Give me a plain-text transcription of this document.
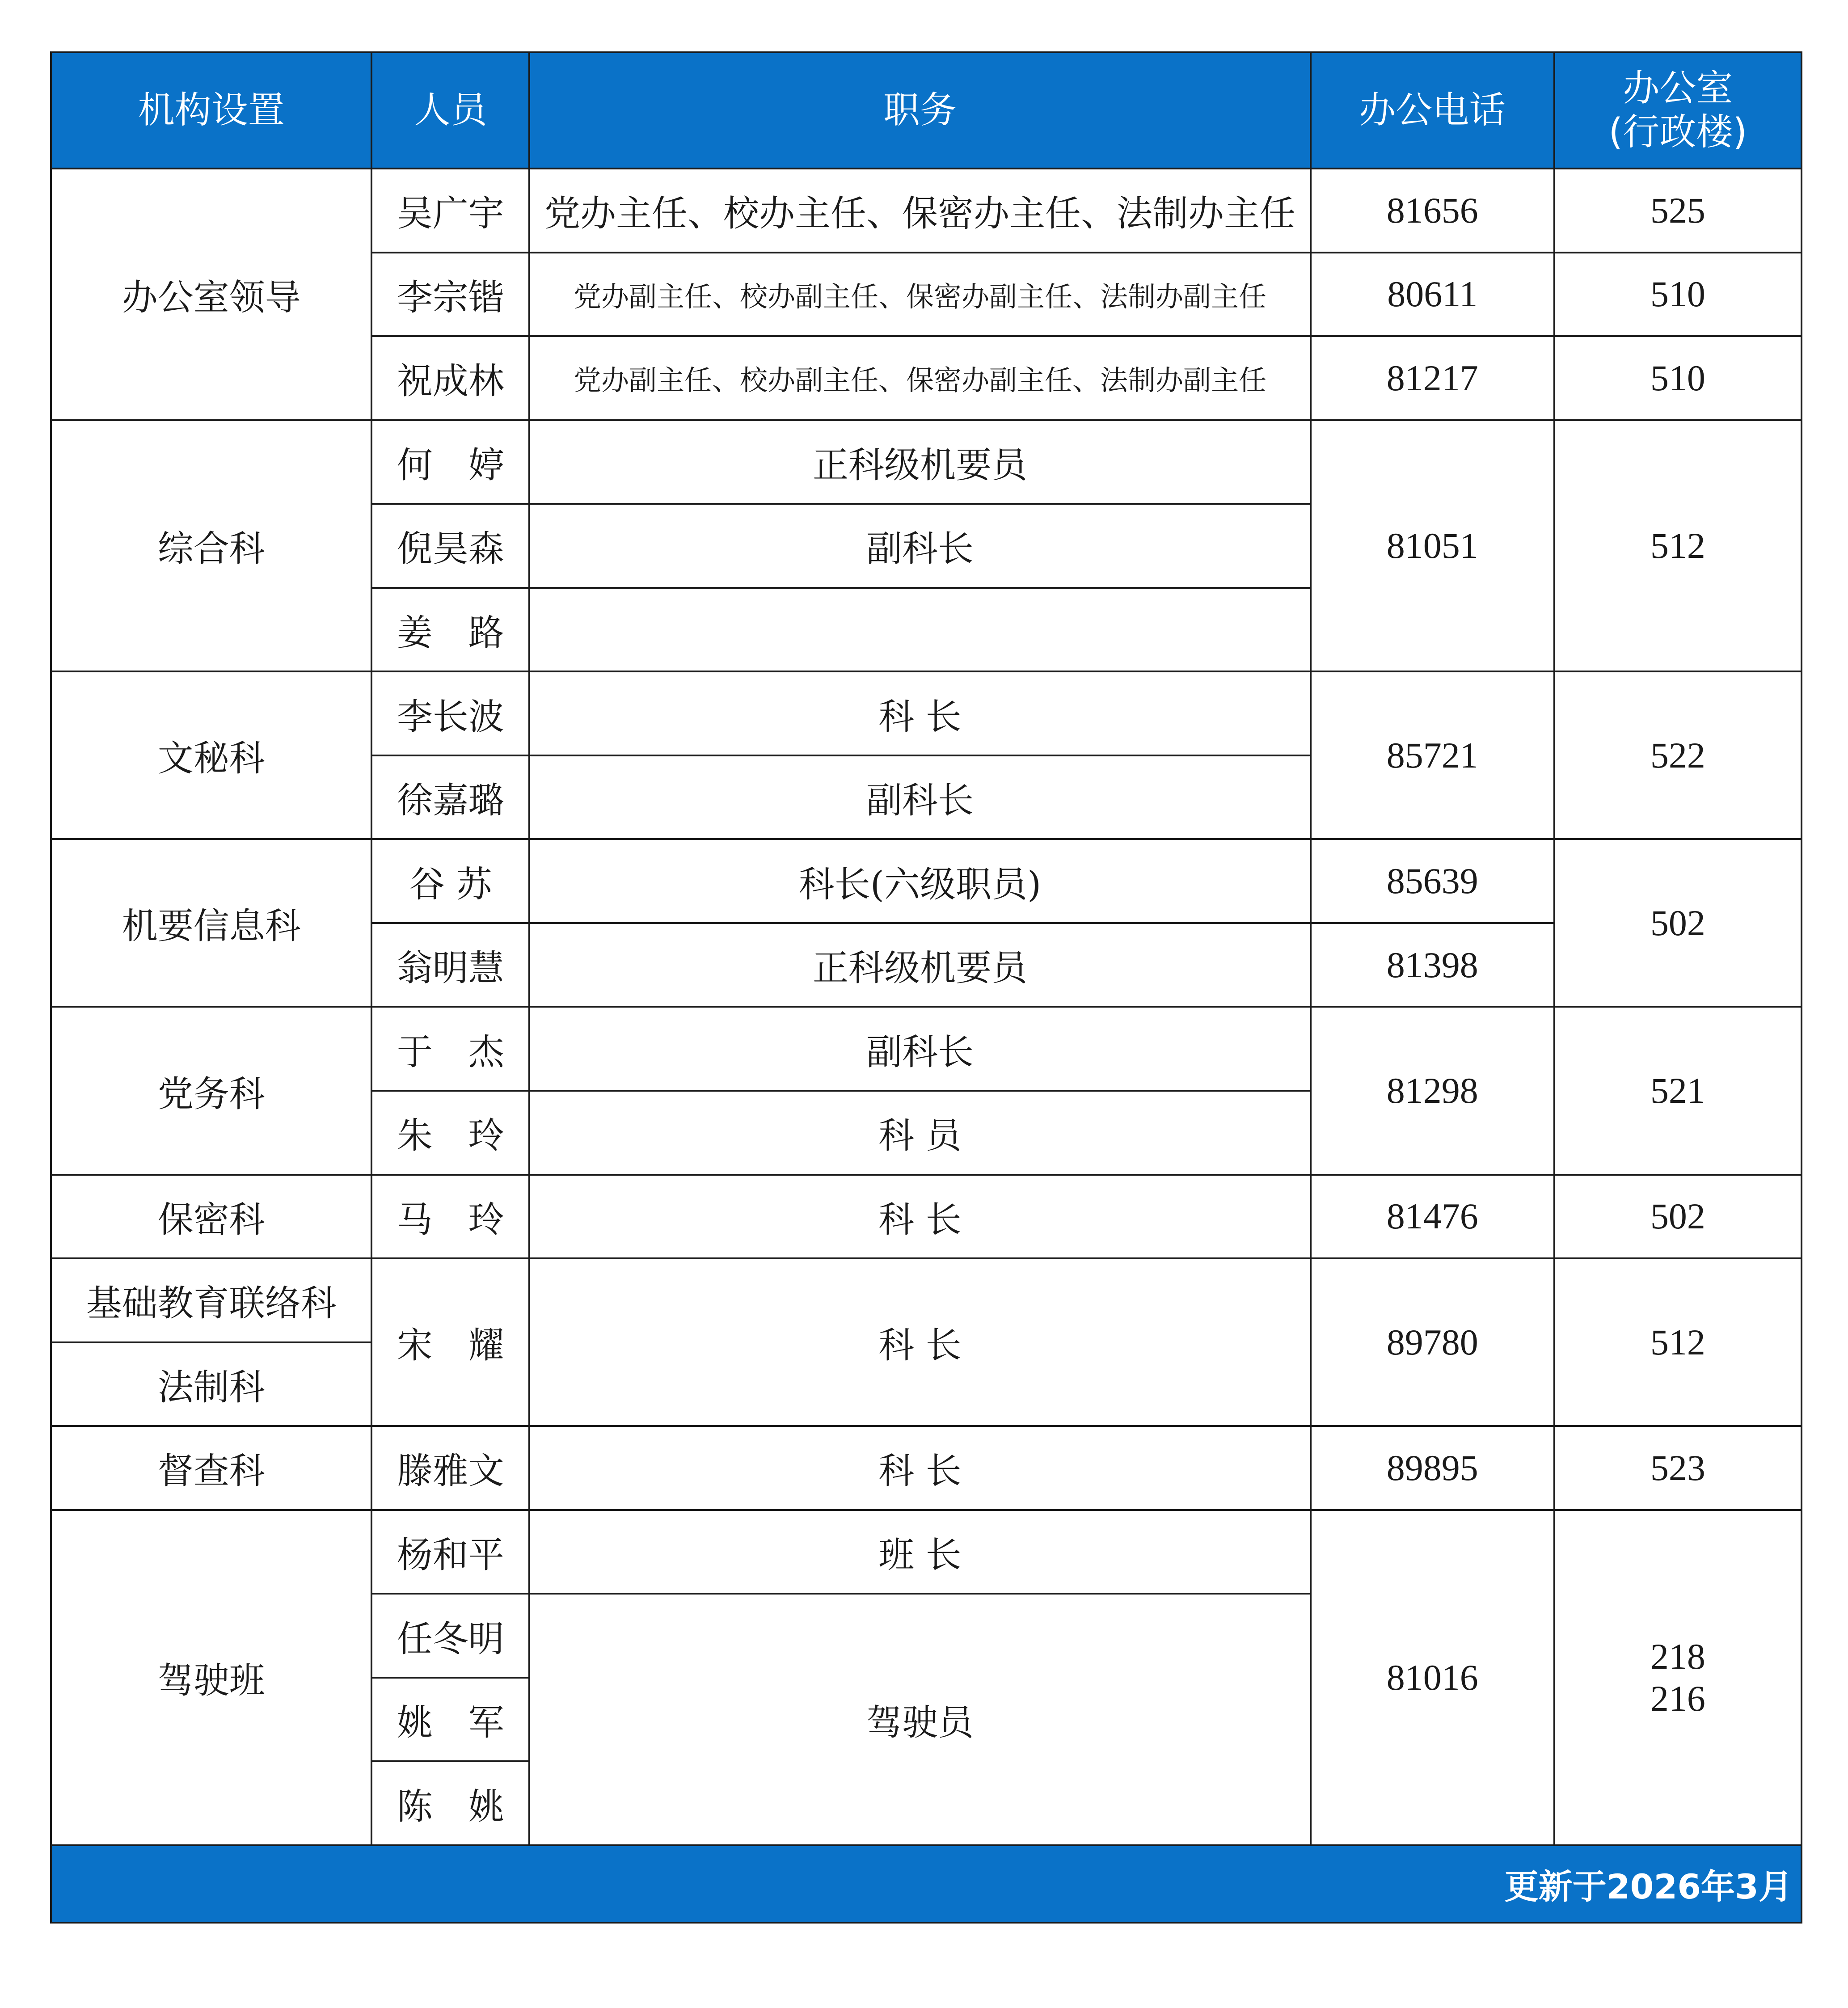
机构设置	人员	职务	办公电话	办公室
(行政楼)

办公室领导	吴广宇	党办主任、校办主任、保密办主任、法制办主任	81656	525
	李宗锴	党办副主任、校办副主任、保密办副主任、法制办副主任	80611	510
	祝成林	党办副主任、校办副主任、保密办副主任、法制办副主任	81217	510
综合科	何　婷	正科级机要员	81051	512
	倪昊森	副科长		
	姜　路			
文秘科	李长波	科 长	85721	522
	徐嘉璐	副科长		
机要信息科	谷 苏	科长(六级职员)	85639	502
	翁明慧	正科级机要员	81398	
党务科	于　杰	副科长	81298	521
	朱　玲	科 员		
保密科	马　玲	科 长	81476	502
基础教育联络科	宋　耀	科 长	89780	512
法制科				
督查科	滕雅文	科 长	89895	523
驾驶班	杨和平	班 长	81016	218
216

	任冬明	驾驶员		
	姚　军			
	陈　姚			
更新于2026年3月				
